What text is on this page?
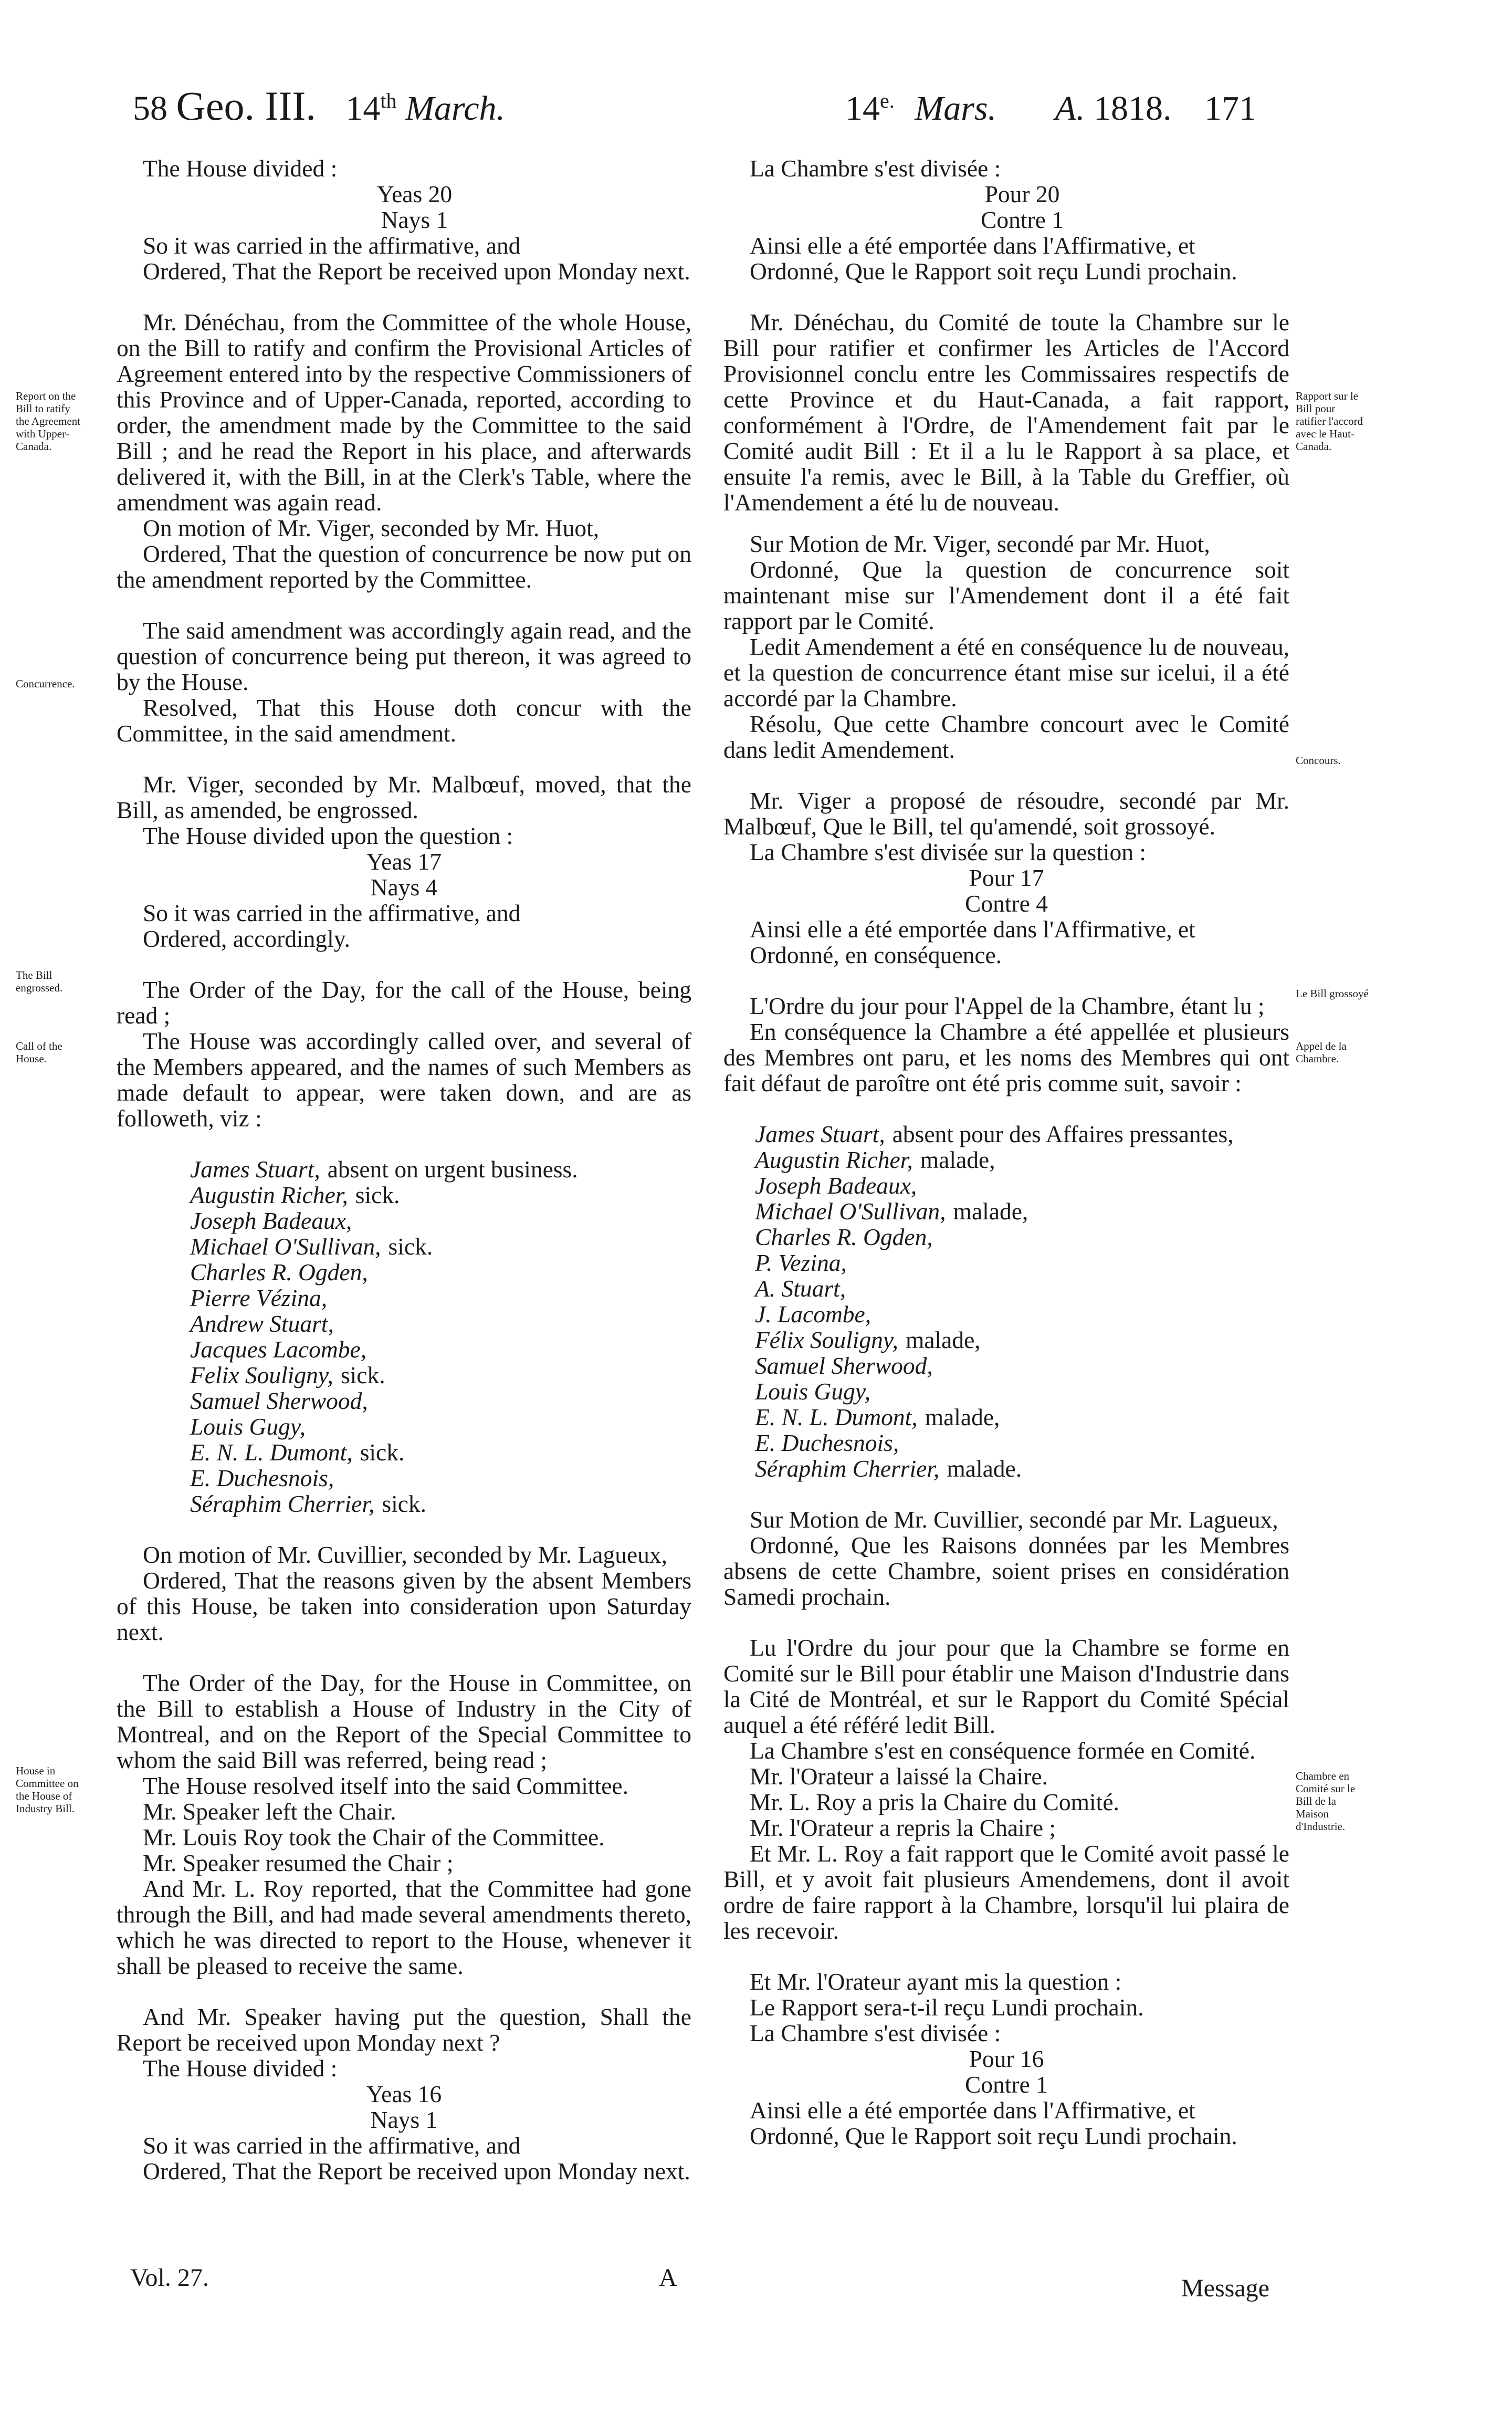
58 Geo. III. 14th March.	$14^{e.}$ Mars. A. 1818. 171
Report on the Bill to ratify the Agreement with Upper-Canada.
Rapport sur le Bill pour ratifier l'accord avec le Haut-Canada.
Concurrence.
Concours.
The Bill engrossed.	Le Bill grossoyé
Call of the House.
Appel de la Chambre.
House in Committee on the House of Industry Bill.
Chambre en Comité sur le Bill de la Maison d'Industrie.

The House divided :

Yeas 20

Nays 1

So it was carried in the affirmative, and

Ordered, That the Report be received upon Monday next.

Mr. Dénéchau, from the Committee of the whole House, on the Bill to ratify and confirm the Provisional Articles of Agreement entered into by the respective Commissioners of this Province and of Upper-Canada, reported, according to order, the amendment made by the Committee to the said Bill ; and he read the Report in his place, and afterwards delivered it, with the Bill, in at the Clerk's Table, where the amendment was again read.

On motion of Mr. Viger, seconded by Mr. Huot,

Ordered, That the question of concurrence be now put on the amendment reported by the Committee.

The said amendment was accordingly again read, and the question of concurrence being put thereon, it was agreed to by the House.

Resolved, That this House doth concur with the Committee, in the said amendment.

Mr. Viger, seconded by Mr. Malbœuf, moved, that the Bill, as amended, be engrossed.

The House divided upon the question :

Yeas 17

Nays 4

So it was carried in the affirmative, and

Ordered, accordingly.

The Order of the Day, for the call of the House, being read ;

The House was accordingly called over, and several of the Members appeared, and the names of such Members as made default to appear, were taken down, and are as followeth, viz :

James Stuart, absent on urgent business.
Augustin Richer, sick.
Joseph Badeaux,
Michael O'Sullivan, sick.
Charles R. Ogden,
Pierre Vézina,
Andrew Stuart,
Jacques Lacombe,
Felix Souligny, sick.
Samuel Sherwood,
Louis Gugy,
E. N. L. Dumont, sick.
E. Duchesnois,
Séraphim Cherrier, sick.

On motion of Mr. Cuvillier, seconded by Mr. Lagueux,

Ordered, That the reasons given by the absent Members of this House, be taken into consideration upon Saturday next.

The Order of the Day, for the House in Committee, on the Bill to establish a House of Industry in the City of Montreal, and on the Report of the Special Committee to whom the said Bill was referred, being read ;

The House resolved itself into the said Committee.

Mr. Speaker left the Chair.

Mr. Louis Roy took the Chair of the Committee.

Mr. Speaker resumed the Chair ;

And Mr. L. Roy reported, that the Committee had gone through the Bill, and had made several amendments thereto, which he was directed to report to the House, whenever it shall be pleased to receive the same.

And Mr. Speaker having put the question, Shall the Report be received upon Monday next ?

The House divided :

Yeas 16

Nays 1

So it was carried in the affirmative, and

Ordered, That the Report be received upon Monday next.

La Chambre s'est divisée :

Pour 20

Contre 1

Ainsi elle a été emportée dans l'Affirmative, et

Ordonné, Que le Rapport soit reçu Lundi prochain.

Mr. Dénéchau, du Comité de toute la Chambre sur le Bill pour ratifier et confirmer les Articles de l'Accord Provisionnel conclu entre les Commissaires respectifs de cette Province et du Haut-Canada, a fait rapport, conformément à l'Ordre, de l'Amendement fait par le Comité audit Bill : Et il a lu le Rapport à sa place, et ensuite l'a remis, avec le Bill, à la Table du Greffier, où l'Amendement a été lu de nouveau.

Sur Motion de Mr. Viger, secondé par Mr. Huot,

Ordonné, Que la question de concurrence soit maintenant mise sur l'Amendement dont il a été fait rapport par le Comité.

Ledit Amendement a été en conséquence lu de nouveau, et la question de concurrence étant mise sur icelui, il a été accordé par la Chambre.

Résolu, Que cette Chambre concourt avec le Comité dans ledit Amendement.

Mr. Viger a proposé de résoudre, secondé par Mr. Malbœuf, Que le Bill, tel qu'amendé, soit grossoyé.

La Chambre s'est divisée sur la question :

Pour 17

Contre 4

Ainsi elle a été emportée dans l'Affirmative, et

Ordonné, en conséquence.

L'Ordre du jour pour l'Appel de la Chambre, étant lu ;

En conséquence la Chambre a été appellée et plusieurs des Membres ont paru, et les noms des Membres qui ont fait défaut de paroître ont été pris comme suit, savoir :

James Stuart, absent pour des Affaires pressantes,
Augustin Richer, malade,
Joseph Badeaux,
Michael O'Sullivan, malade,
Charles R. Ogden,
P. Vezina,
A. Stuart,
J. Lacombe,
Félix Souligny, malade,
Samuel Sherwood,
Louis Gugy,
E. N. L. Dumont, malade,
E. Duchesnois,
Séraphim Cherrier, malade.

Sur Motion de Mr. Cuvillier, secondé par Mr. Lagueux,

Ordonné, Que les Raisons données par les Membres absens de cette Chambre, soient prises en considération Samedi prochain.

Lu l'Ordre du jour pour que la Chambre se forme en Comité sur le Bill pour établir une Maison d'Industrie dans la Cité de Montréal, et sur le Rapport du Comité Spécial auquel a été référé ledit Bill.

La Chambre s'est en conséquence formée en Comité.

Mr. l'Orateur a laissé la Chaire.

Mr. L. Roy a pris la Chaire du Comité.

Mr. l'Orateur a repris la Chaire ;

Et Mr. L. Roy a fait rapport que le Comité avoit passé le Bill, et y avoit fait plusieurs Amendemens, dont il avoit ordre de faire rapport à la Chambre, lorsqu'il lui plaira de les recevoir.

Et Mr. l'Orateur ayant mis la question :

Le Rapport sera-t-il reçu Lundi prochain.

La Chambre s'est divisée :

Pour 16

Contre 1

Ainsi elle a été emportée dans l'Affirmative, et

Ordonné, Que le Rapport soit reçu Lundi prochain.

Vol. 27.	A	Message
